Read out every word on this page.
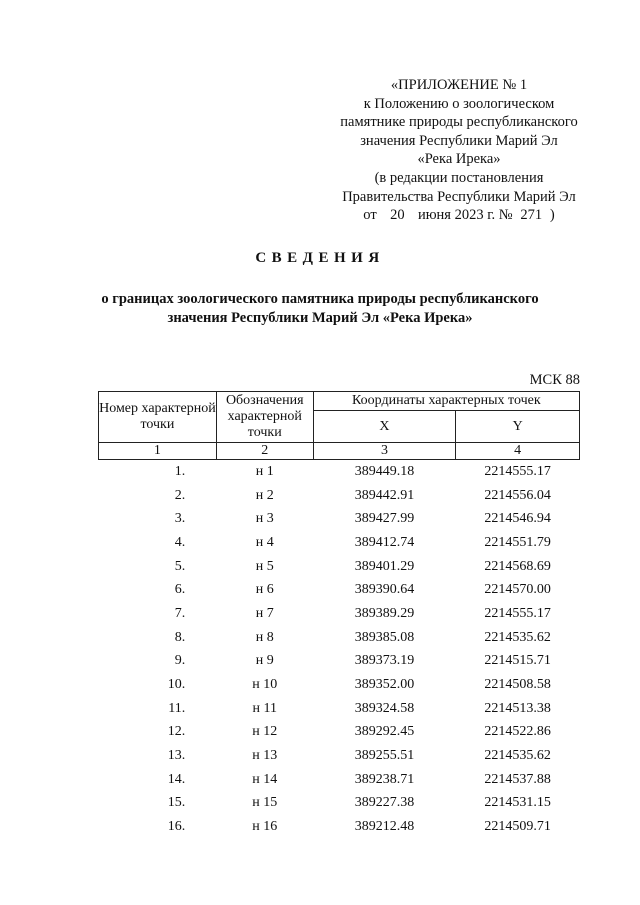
«ПРИЛОЖЕНИЕ № 1
к Положению о зоологическом
памятнике природы республиканского
значения Республики Марий Эл
«Река Ирека»
(в редакции постановления
Правительства Республики Марий Эл
от 20 июня 2023 г. № 271 )
СВЕДЕНИЯ
о границах зоологического памятника природы республиканского
значения Республики Марий Эл «Река Ирека»
МСК 88
Номер характерной точки	Обозначения характерной точки	Координаты характерных точек	
		X	Y
1	2	3	4
1.	н 1	389449.18	2214555.17
2.	н 2	389442.91	2214556.04
3.	н 3	389427.99	2214546.94
4.	н 4	389412.74	2214551.79
5.	н 5	389401.29	2214568.69
6.	н 6	389390.64	2214570.00
7.	н 7	389389.29	2214555.17
8.	н 8	389385.08	2214535.62
9.	н 9	389373.19	2214515.71
10.	н 10	389352.00	2214508.58
11.	н 11	389324.58	2214513.38
12.	н 12	389292.45	2214522.86
13.	н 13	389255.51	2214535.62
14.	н 14	389238.71	2214537.88
15.	н 15	389227.38	2214531.15
16.	н 16	389212.48	2214509.71
